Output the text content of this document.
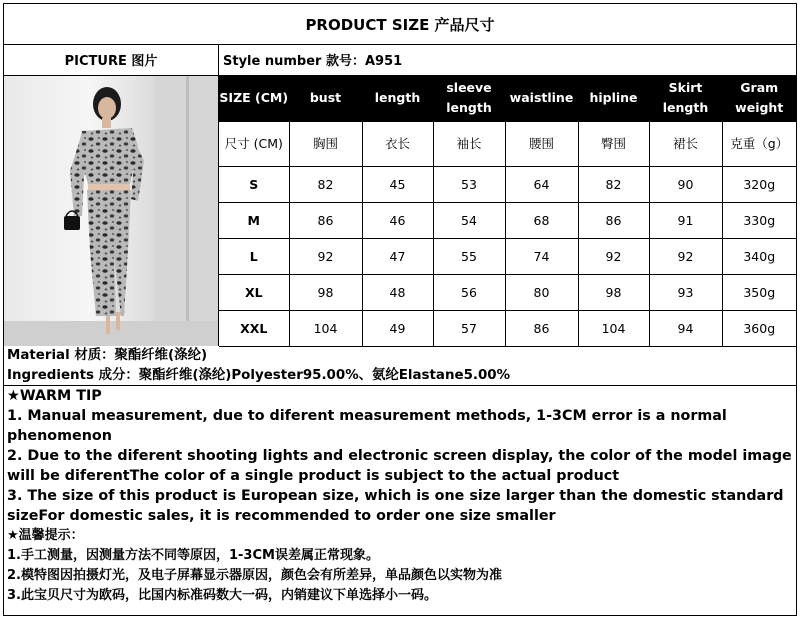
PRODUCT SIZE 产品尺寸
PICTURE 图片	Style number 款号：A951
SIZE (CM)	bust	length	sleeve length	waistline	hipline	Skirt length	Gram weight
尺寸 (CM)	胸围	衣长	袖长	腰围	臀围	裙长	克重（g）
S	82	45	53	64	82	90	320g
M	86	46	54	68	86	91	330g
L	92	47	55	74	92	92	340g
XL	98	48	56	80	98	93	350g
XXL	104	49	57	86	104	94	360g
Material 材质：聚酯纤维(涤纶)
Ingredients 成分：聚酯纤维(涤纶)Polyester95.00%、氨纶Elastane5.00%
★WARM TIP
1. Manual measurement, due to diferent measurement methods, 1-3CM error is a normal phenomenon
2. Due to the diferent shooting lights and electronic screen display, the color of the model image will be diferentThe color of a single product is subject to the actual product
3. The size of this product is European size, which is one size larger than the domestic standard sizeFor domestic sales, it is recommended to order one size smaller
★温馨提示：
1.手工测量，因测量方法不同等原因，1-3CM误差属正常现象。
2.模特图因拍摄灯光，及电子屏幕显示器原因，颜色会有所差异，单品颜色以实物为准
3.此宝贝尺寸为欧码，比国内标准码数大一码，内销建议下单选择小一码。
